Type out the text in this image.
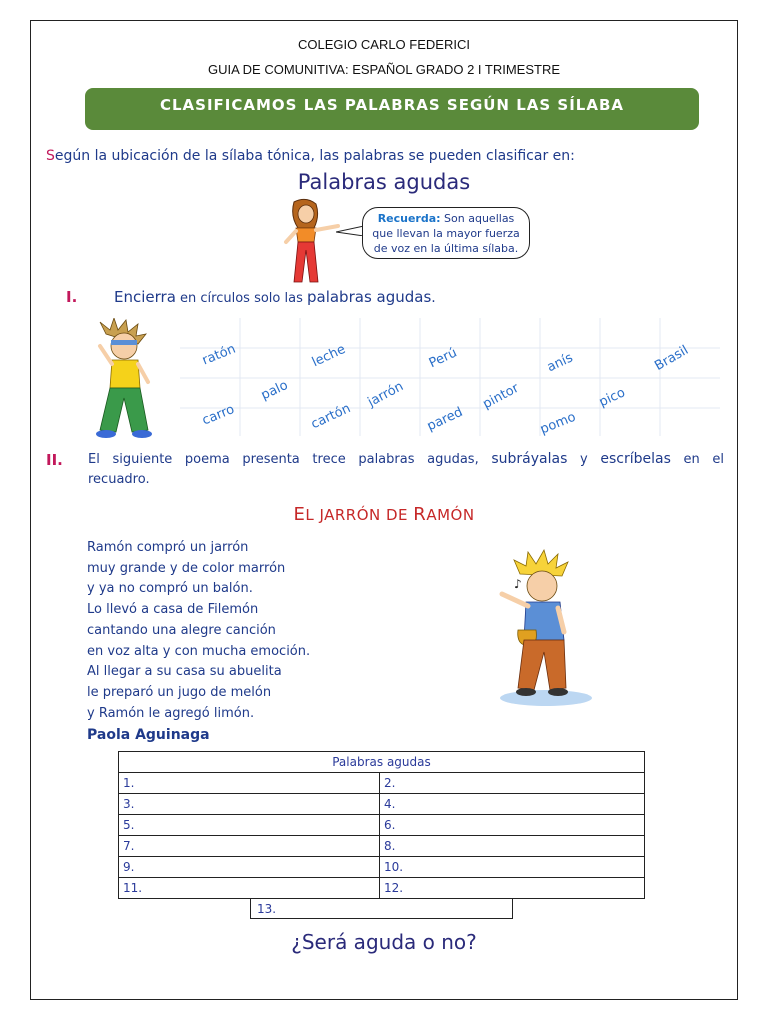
COLEGIO CARLO FEDERICI
GUIA DE COMUNITIVA: ESPAÑOL GRADO 2 I TRIMESTRE
CLASIFICAMOS LAS PALABRAS SEGÚN LAS SÍLABA
Según la ubicación de la sílaba tónica, las palabras se pueden clasificar en:
Palabras agudas
Recuerda: Son aquellas
que llevan la mayor fuerza
de voz en la última sílaba.
I. Encierra en círculos solo las palabras agudas.
ratón	leche	Perú	anís	Brasil
palo	jarrón	pintor	pico
carro	cartón	pared	pomo
II. El siguiente poema presenta trece palabras agudas, subráyalas y escríbelas en el
recuadro.
EL JARRÓN DE RAMÓN
Ramón compró un jarrón
muy grande y de color marrón
y ya no compró un balón.
Lo llevó a casa de Filemón
cantando una alegre canción
en voz alta y con mucha emoción.
Al llegar a su casa su abuelita
le preparó un jugo de melón
y Ramón le agregó limón.
Paola Aguinaga
♪
Palabras agudas	
1.	2.
3.	4.
5.	6.
7.	8.
9.	10.
11.	12.
13.
¿Será aguda o no?
